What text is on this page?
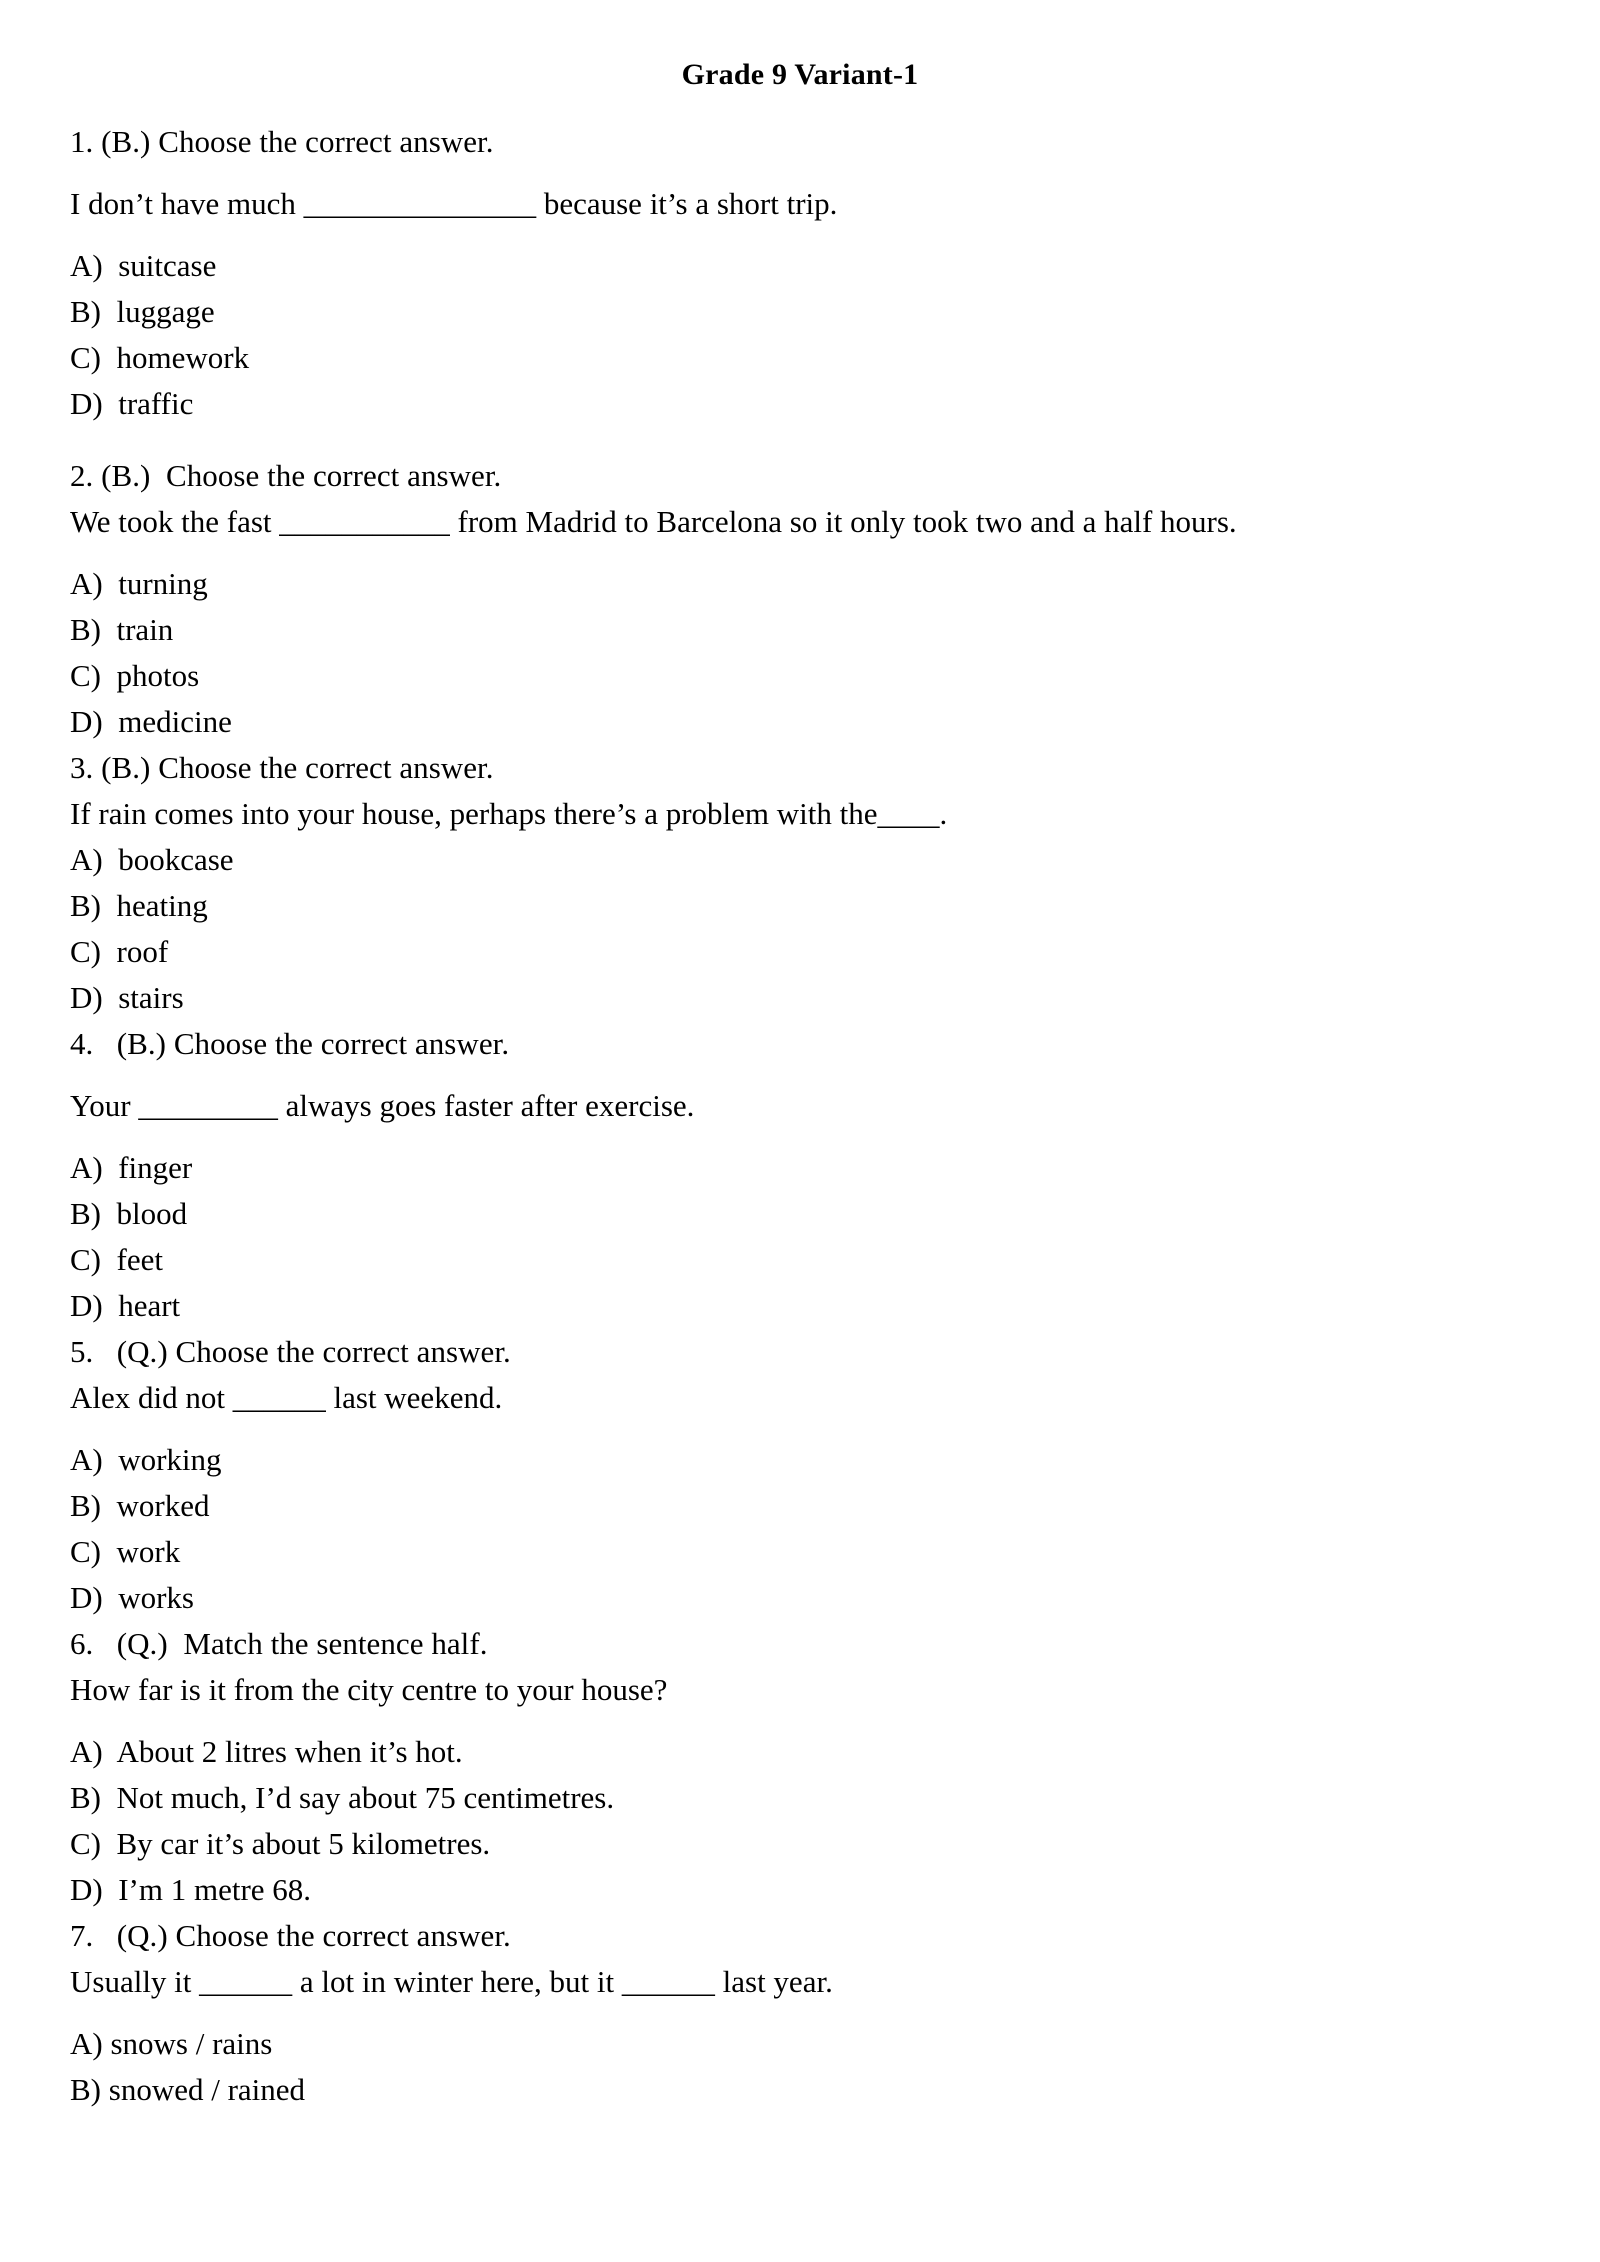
Grade 9 Variant-1

1. (B.) Choose the correct answer.

I don’t have much _______________ because it’s a short trip.

A)  suitcase

B)  luggage

C)  homework

D)  traffic

2. (B.)  Choose the correct answer.

We took the fast ___________ from Madrid to Barcelona so it only took two and a half hours.

A)  turning

B)  train

C)  photos

D)  medicine

3. (B.) Choose the correct answer.

If rain comes into your house, perhaps there’s a problem with the____.

A)  bookcase

B)  heating

C)  roof

D)  stairs

4.   (B.) Choose the correct answer.

Your _________ always goes faster after exercise.

A)  finger

B)  blood

C)  feet

D)  heart

5.   (Q.) Choose the correct answer.

Alex did not ______ last weekend.

A)  working

B)  worked

C)  work

D)  works

6.   (Q.)  Match the sentence half.

How far is it from the city centre to your house?

A)  About 2 litres when it’s hot.

B)  Not much, I’d say about 75 centimetres.

C)  By car it’s about 5 kilometres.

D)  I’m 1 metre 68.

7.   (Q.) Choose the correct answer.

Usually it ______ a lot in winter here, but it ______ last year.

A) snows / rains

B) snowed / rained
